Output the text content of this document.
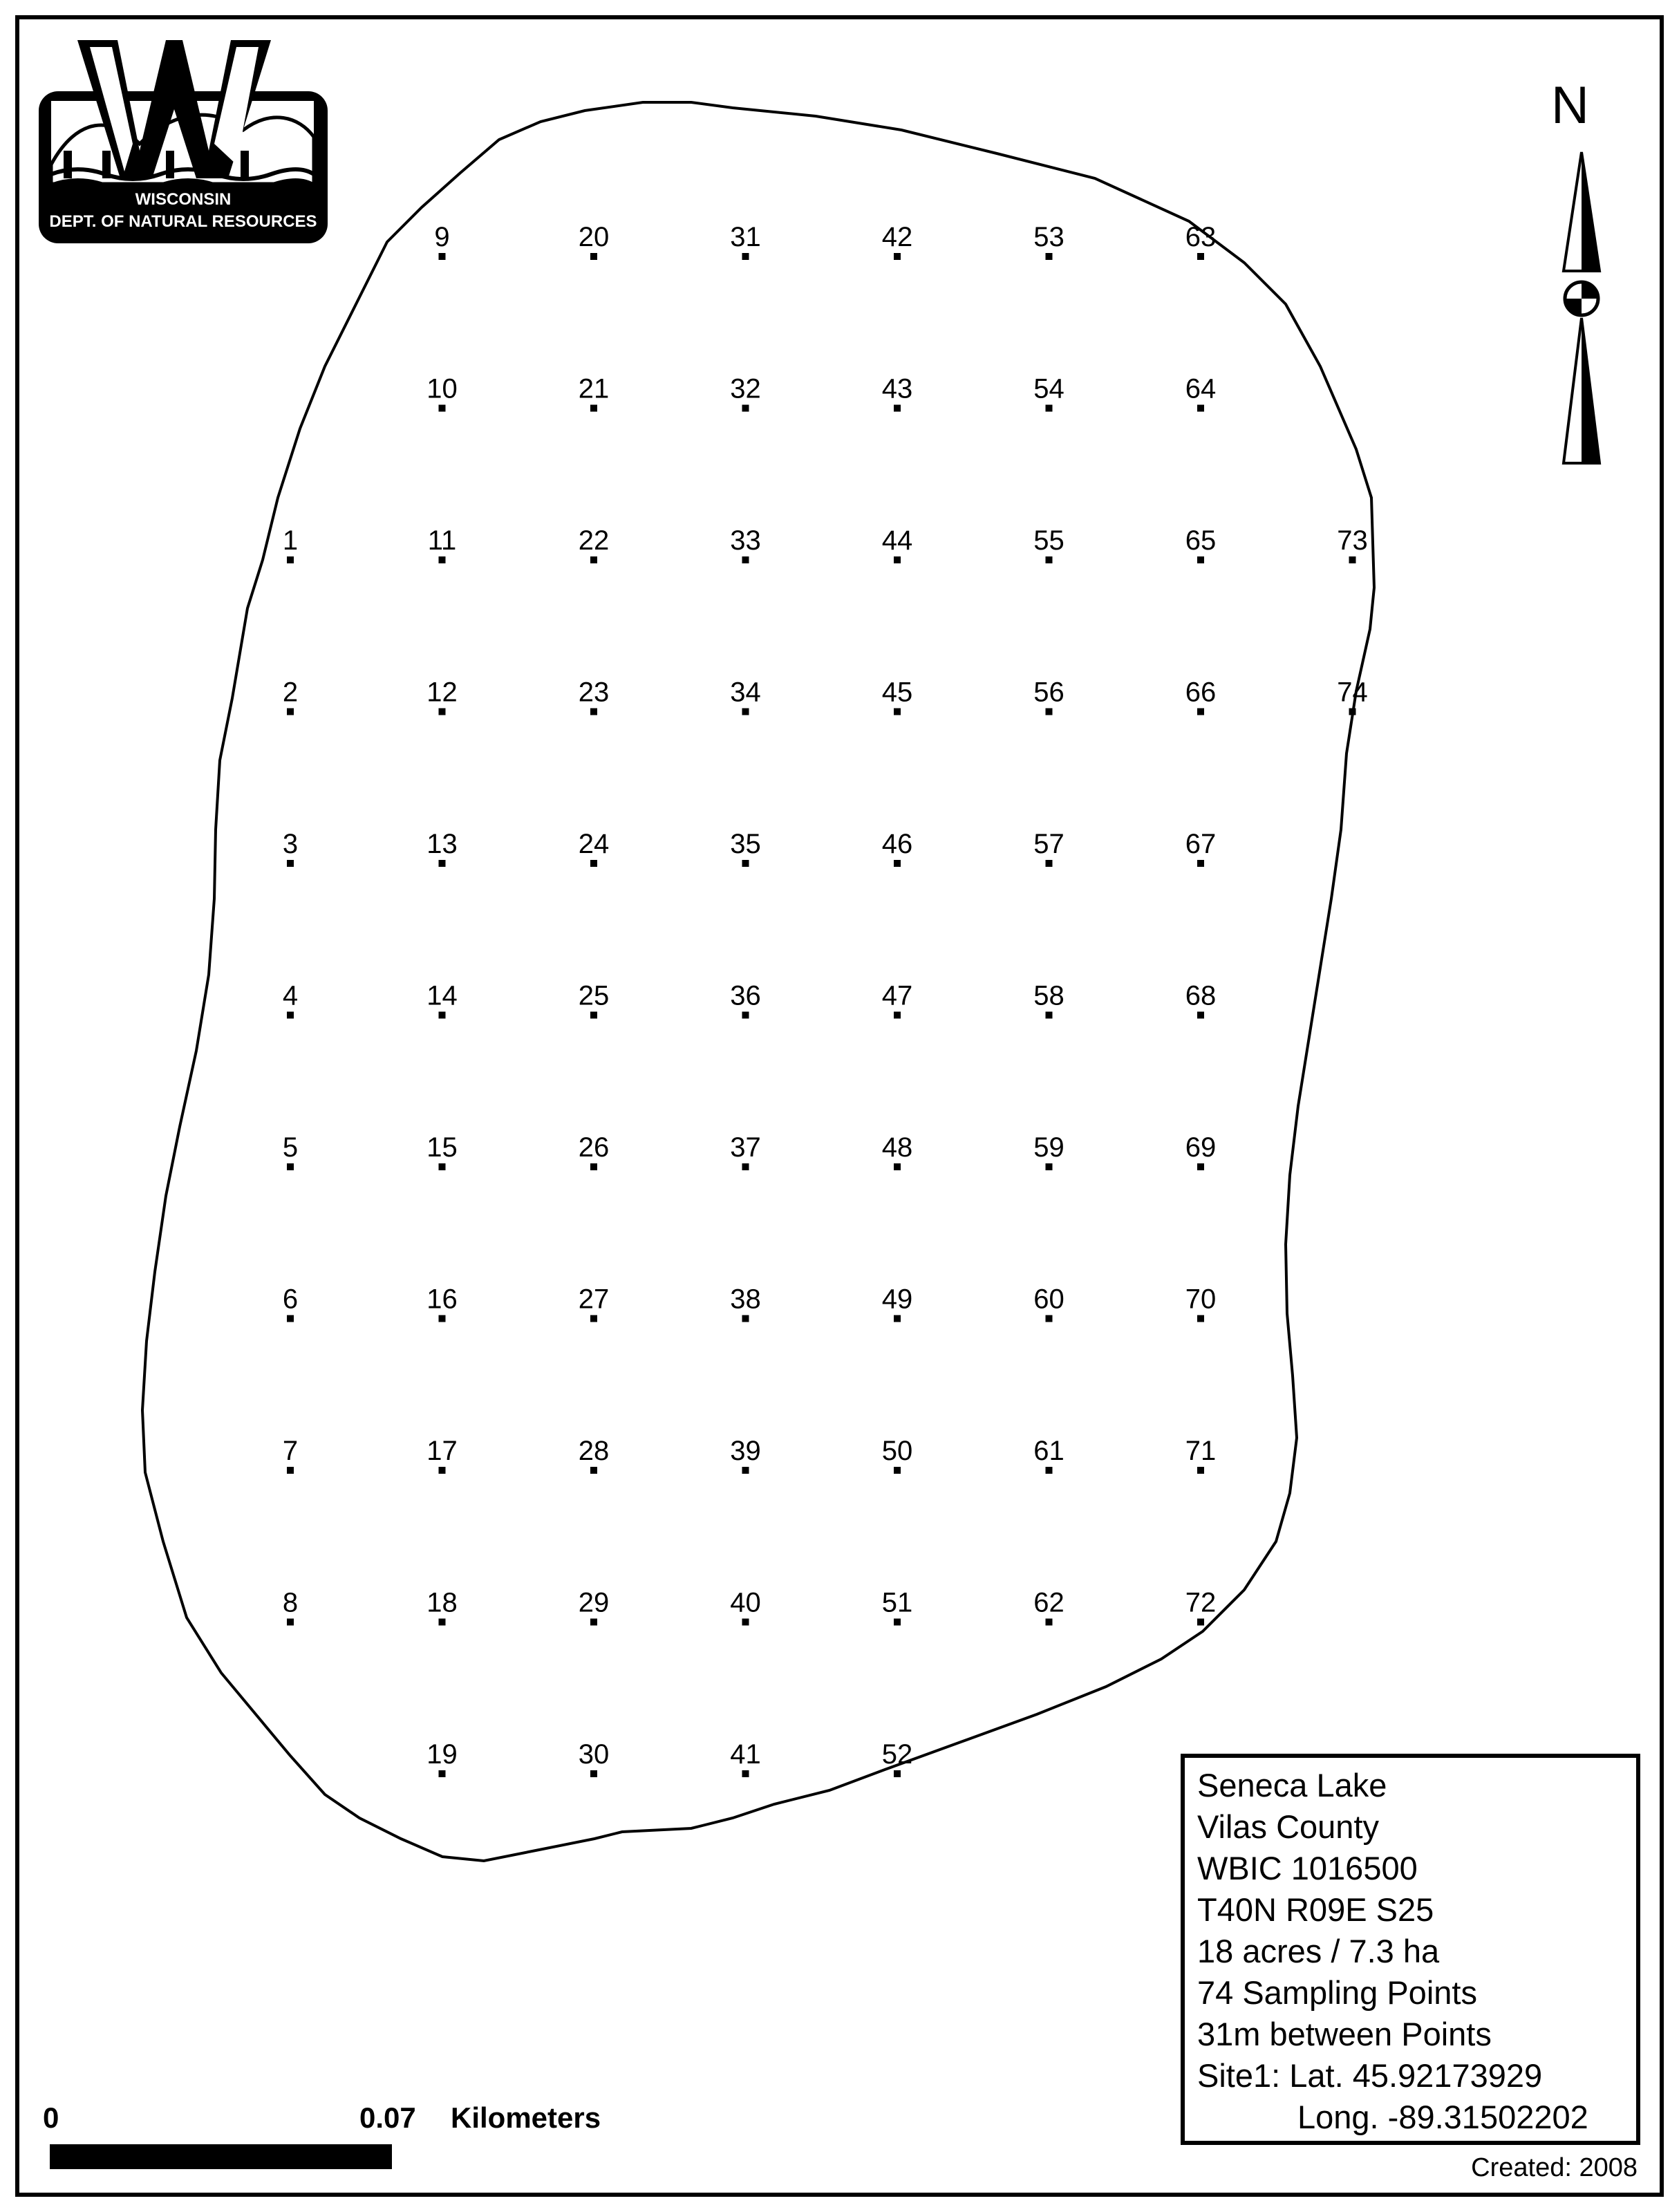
1
2
3
4
5
6
7
8
9
10
11
12
13
14
15
16
17
18
19
20
21
22
23
24
25
26
27
28
29
30
31
32
33
34
35
36
37
38
39
40
41
42
43
44
45
46
47
48
49
50
51
52
53
54
55
56
57
58
59
60
61
62
63
64
65
66
67
68
69
70
71
72
73
74
WISCONSIN
DEPT. OF NATURAL RESOURCES
N
Seneca Lake
Vilas County
WBIC 1016500
T40N R09E S25
18 acres / 7.3 ha
74 Sampling Points
31m between Points
Site1: Lat. 45.92173929
Long. -89.31502202
Created: 2008
0	0.07 Kilometers
